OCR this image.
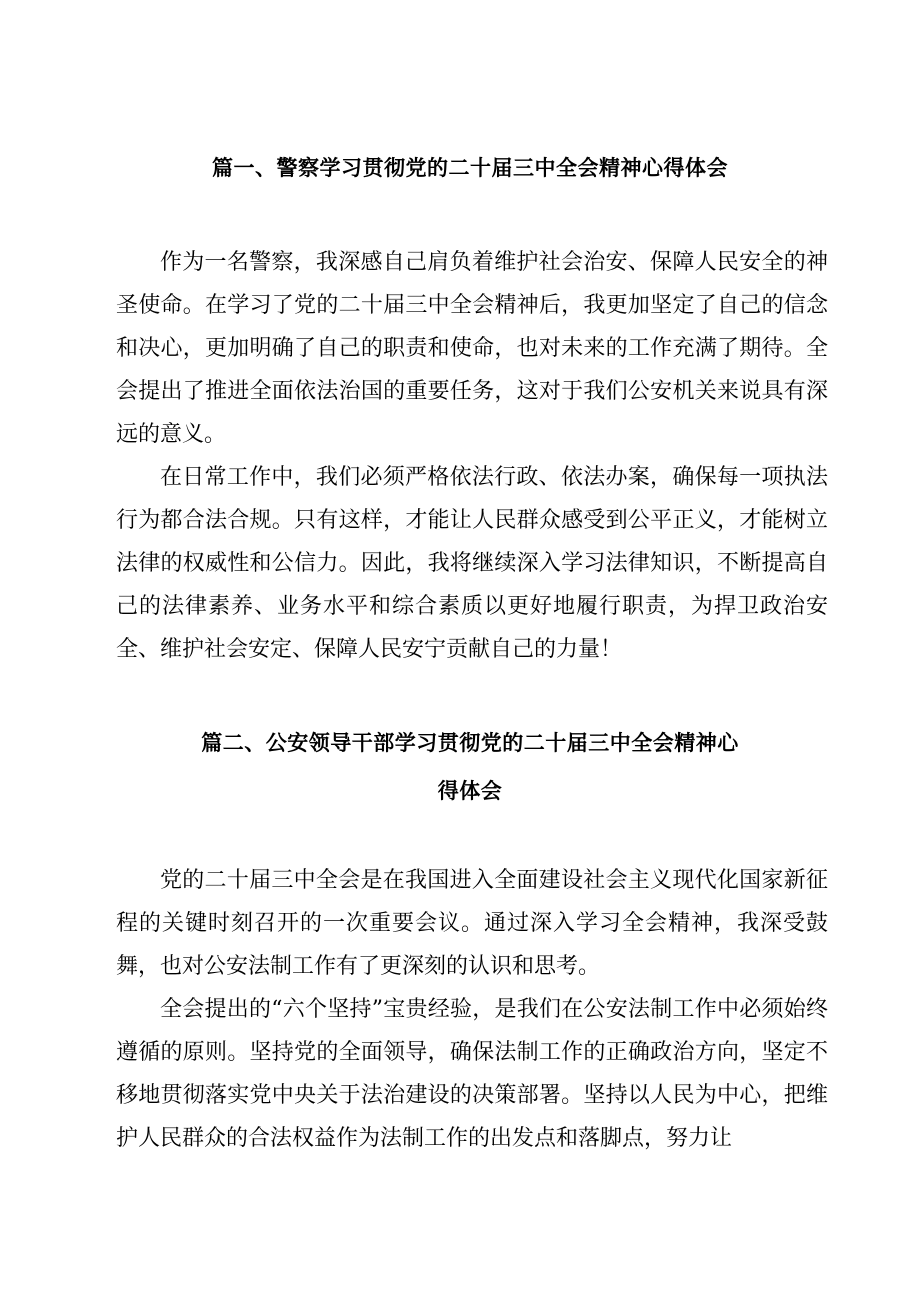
篇一、警察学习贯彻党的二十届三中全会精神心得体会

作为一名警察，我深感自己肩负着维护社会治安、保障人民安全的神圣使命。在学习了党的二十届三中全会精神后，我更加坚定了自己的信念和决心，更加明确了自己的职责和使命，也对未来的工作充满了期待。全会提出了推进全面依法治国的重要任务，这对于我们公安机关来说具有深远的意义。

在日常工作中，我们必须严格依法行政、依法办案，确保每一项执法行为都合法合规。只有这样，才能让人民群众感受到公平正义，才能树立法律的权威性和公信力。因此，我将继续深入学习法律知识，不断提高自己的法律素养、业务水平和综合素质以更好地履行职责，为捍卫政治安全、维护社会安定、保障人民安宁贡献自己的力量！

篇二、公安领导干部学习贯彻党的二十届三中全会精神心
得体会

党的二十届三中全会是在我国进入全面建设社会主义现代化国家新征程的关键时刻召开的一次重要会议。通过深入学习全会精神，我深受鼓舞，也对公安法制工作有了更深刻的认识和思考。

全会提出的“六个坚持”宝贵经验，是我们在公安法制工作中必须始终遵循的原则。坚持党的全面领导，确保法制工作的正确政治方向，坚定不移地贯彻落实党中央关于法治建设的决策部署。坚持以人民为中心，把维护人民群众的合法权益作为法制工作的出发点和落脚点，努力让
